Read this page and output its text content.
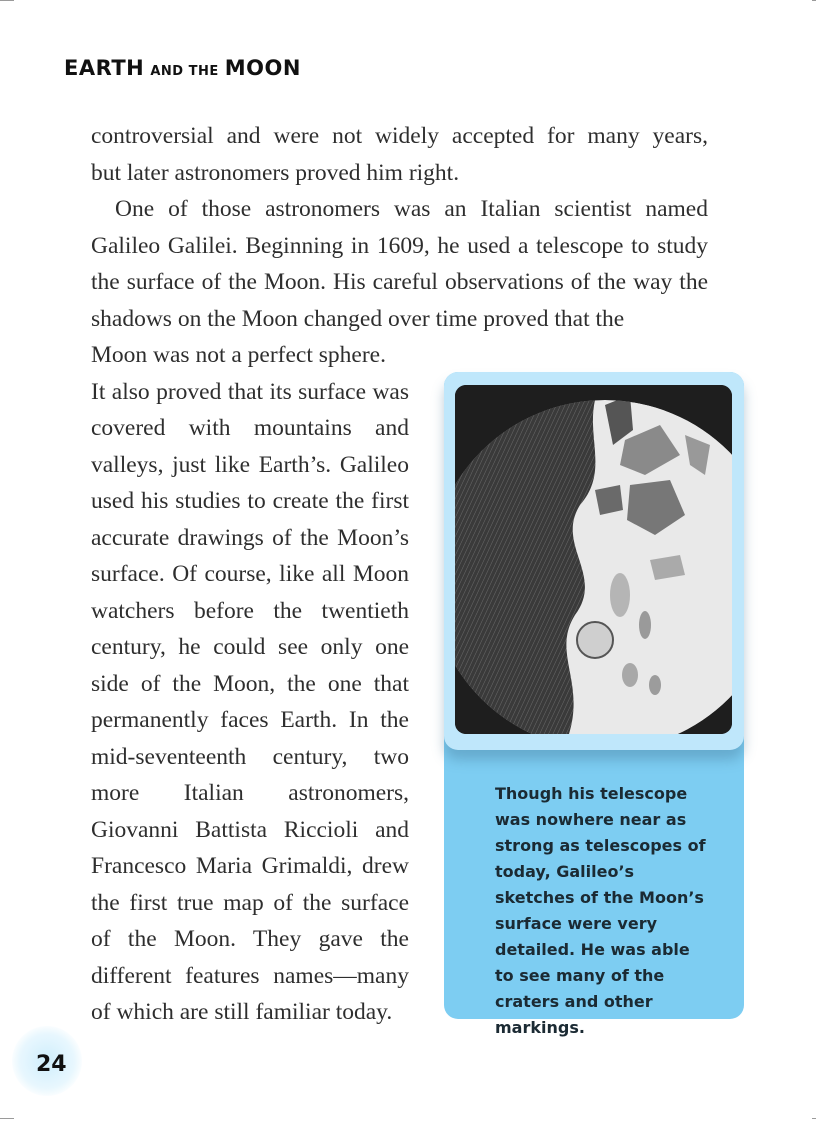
EARTH AND THE MOON

controversial and were not widely accepted for many years,
but later astronomers proved him right.

One of those astronomers was an Italian scientist named Galileo Galilei. Beginning in 1609, he used a telescope to study the surface of the Moon. His careful observations of the way the shadows on the Moon changed over time proved that the

Moon was not a perfect sphere.
It also proved that its surface was covered with mountains and valleys, just like Earth’s. Galileo used his studies to create the first accurate drawings of the Moon’s surface. Of course, like all Moon watchers before the twentieth century, he could see only one side of the Moon, the one that permanently faces Earth. In the mid-seventeenth century, two more Italian astronomers, Giovanni Battista Riccioli and Francesco Maria Grimaldi, drew the first true map of the surface of the Moon. They gave the different features names—many of which are still familiar today.

Though his telescope was nowhere near as strong as telescopes of today, Galileo’s sketches of the Moon’s surface were very detailed. He was able to see many of the craters and other markings.

24
